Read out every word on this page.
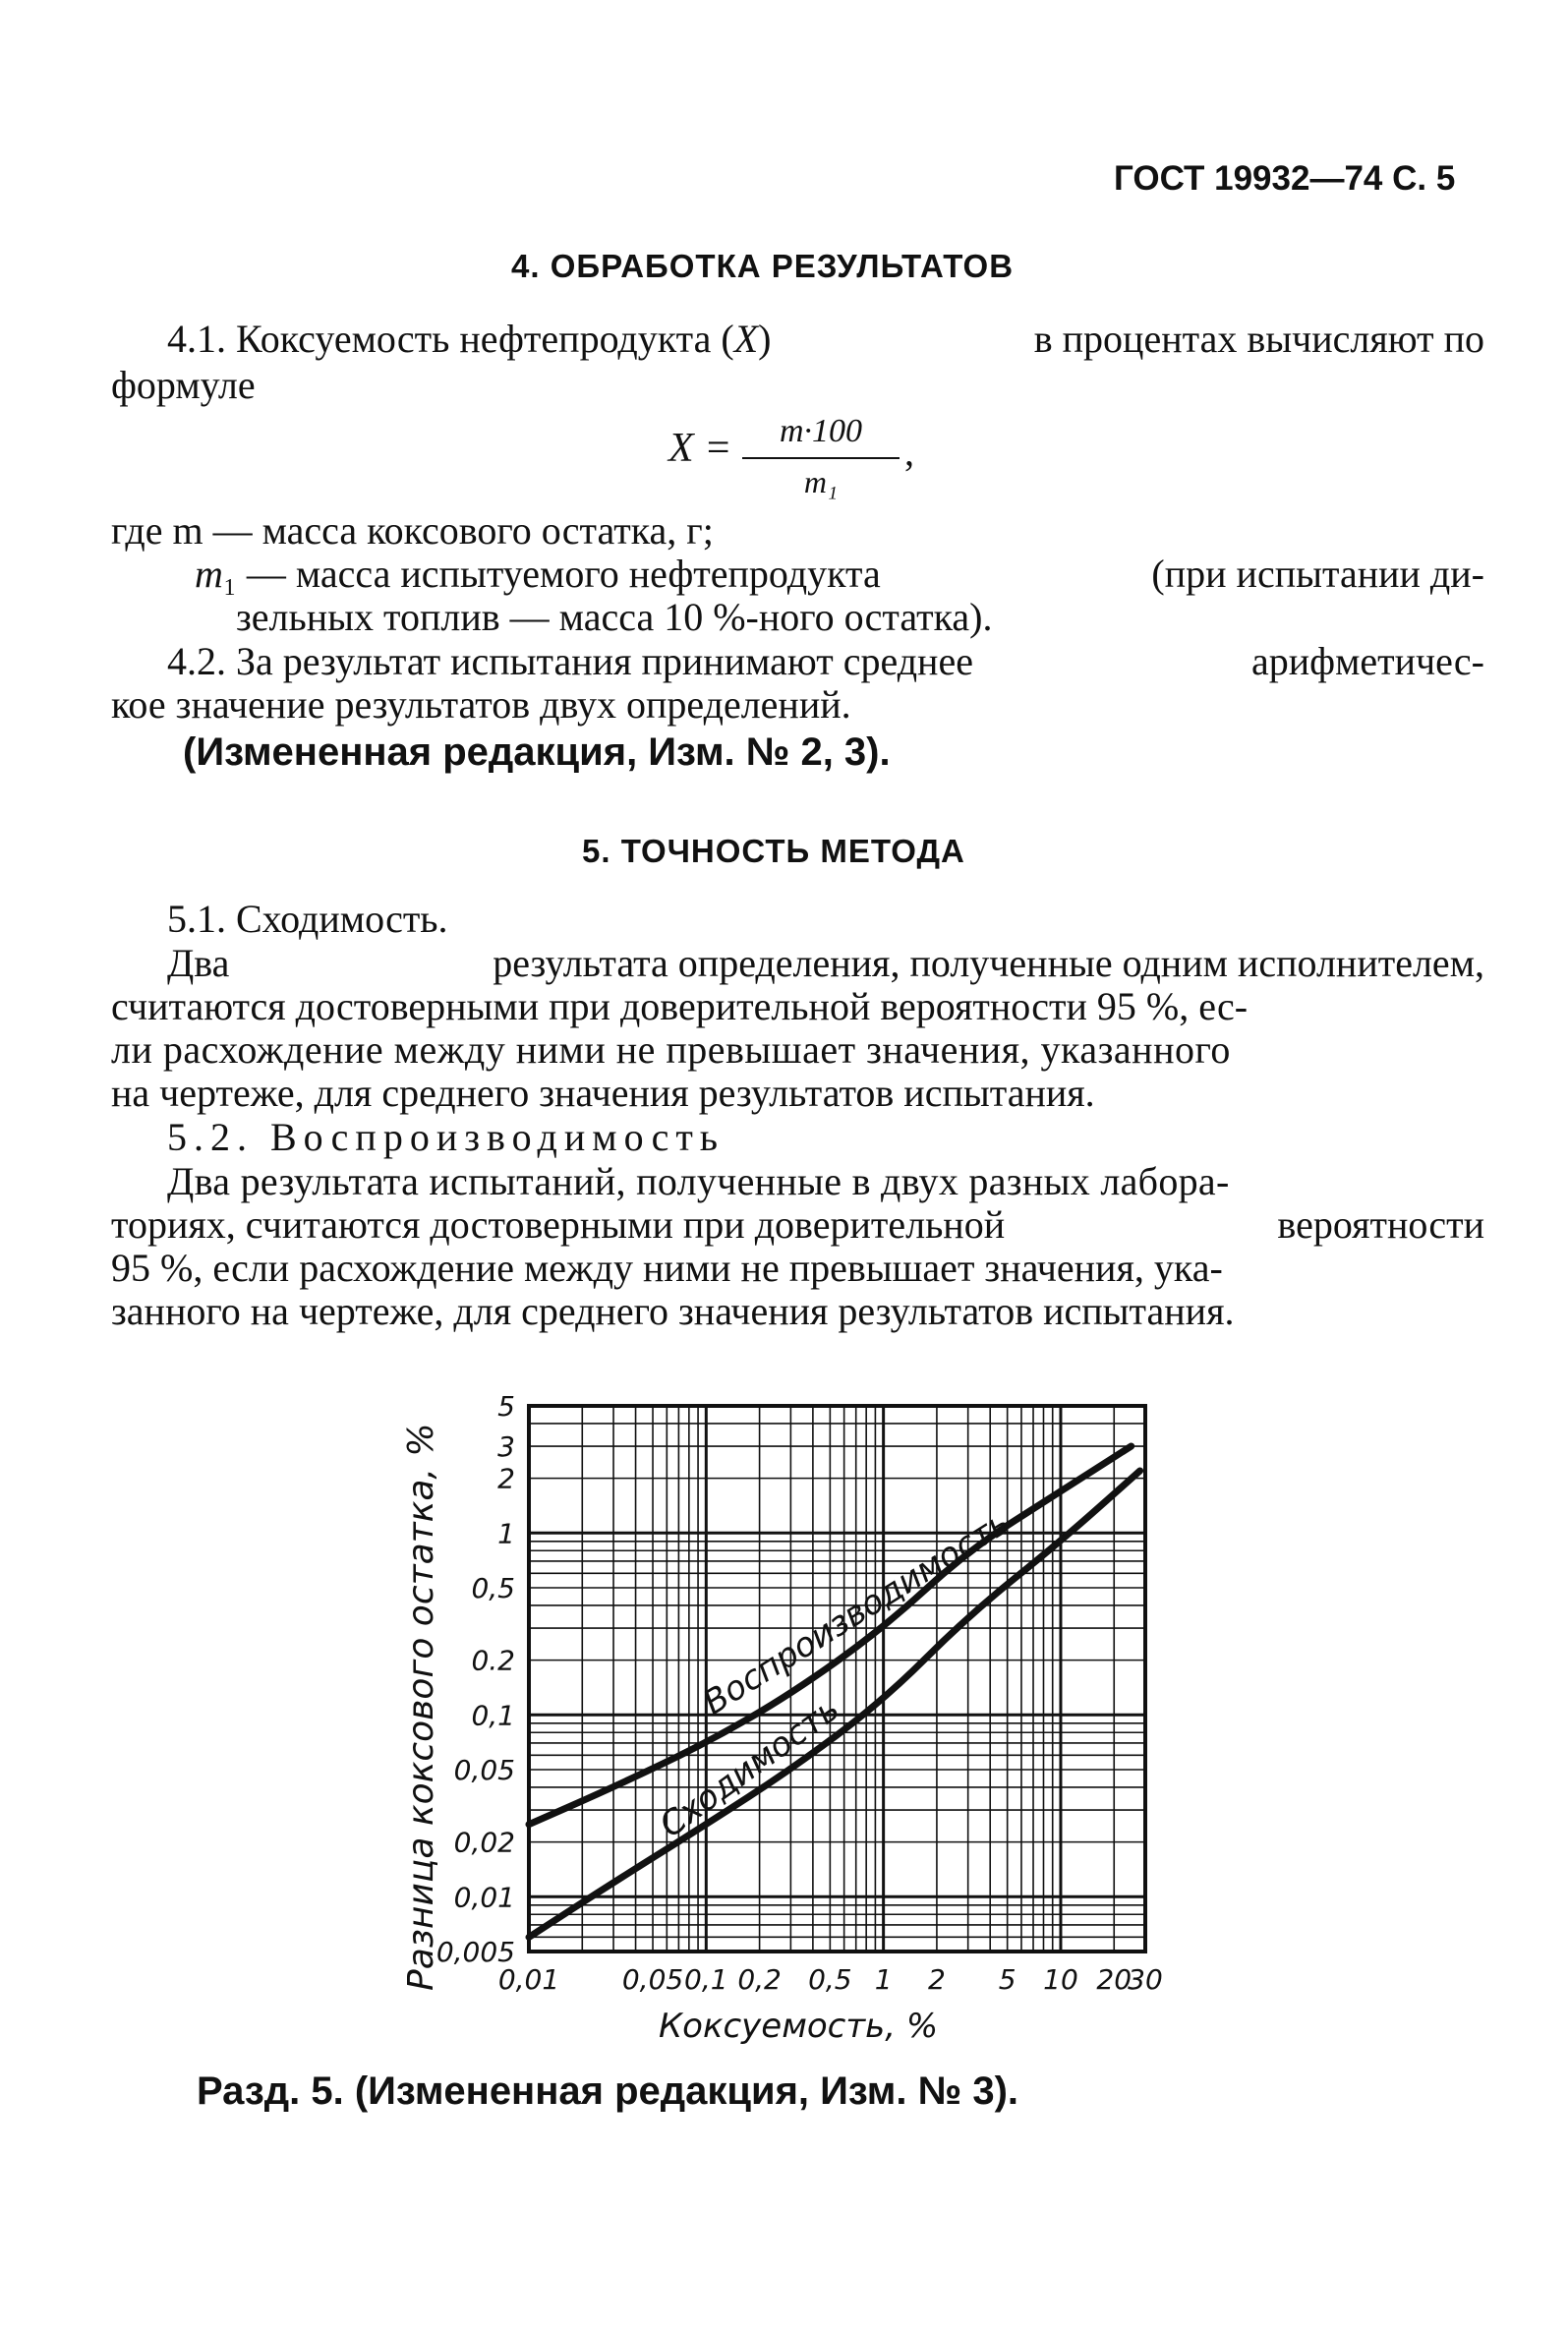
ГОСТ 19932—74 С. 5
4. ОБРАБОТКА РЕЗУЛЬТАТОВ
4.1. Коксуемость нефтепродукта (X)	в процентах вычисляют по
формуле
X =	m·100
m₁
,
где m — масса коксового остатка, г;
m₁ — масса испытуемого нефтепродукта	(при испытании ди-
зельных топлив — масса 10 %-ного остатка).
4.2. За результат испытания принимают среднее	арифметичес-
кое значение результатов двух определений.
(Измененная редакция, Изм. № 2, 3).
5. ТОЧНОСТЬ МЕТОДА
5.1. Сходимость.
Два	результата определения, полученные одним исполнителем,
считаются достоверными при доверительной вероятности 95 %, ес-
ли расхождение между ними не превышает значения, указанного
на чертеже, для среднего значения результатов испытания.
5.2. Воспроизводимость
Два результата испытаний, полученные в двух разных лабора-
ториях, считаются достоверными при доверительной	вероятности
95 %, если расхождение между ними не превышает значения, ука-
занного на чертеже, для среднего значения результатов испытания.
0,01 0,05 0,1 0,2 0,5 1 2 5 10 20
30
0,005
0,01
0,02
0,05
0,1
0.2
0,5
1
2
3
5
Воспроизводимость
Сходимость
Коксуемость, %
Разница коксового остатка, %
Разд. 5. (Измененная редакция, Изм. № 3).
